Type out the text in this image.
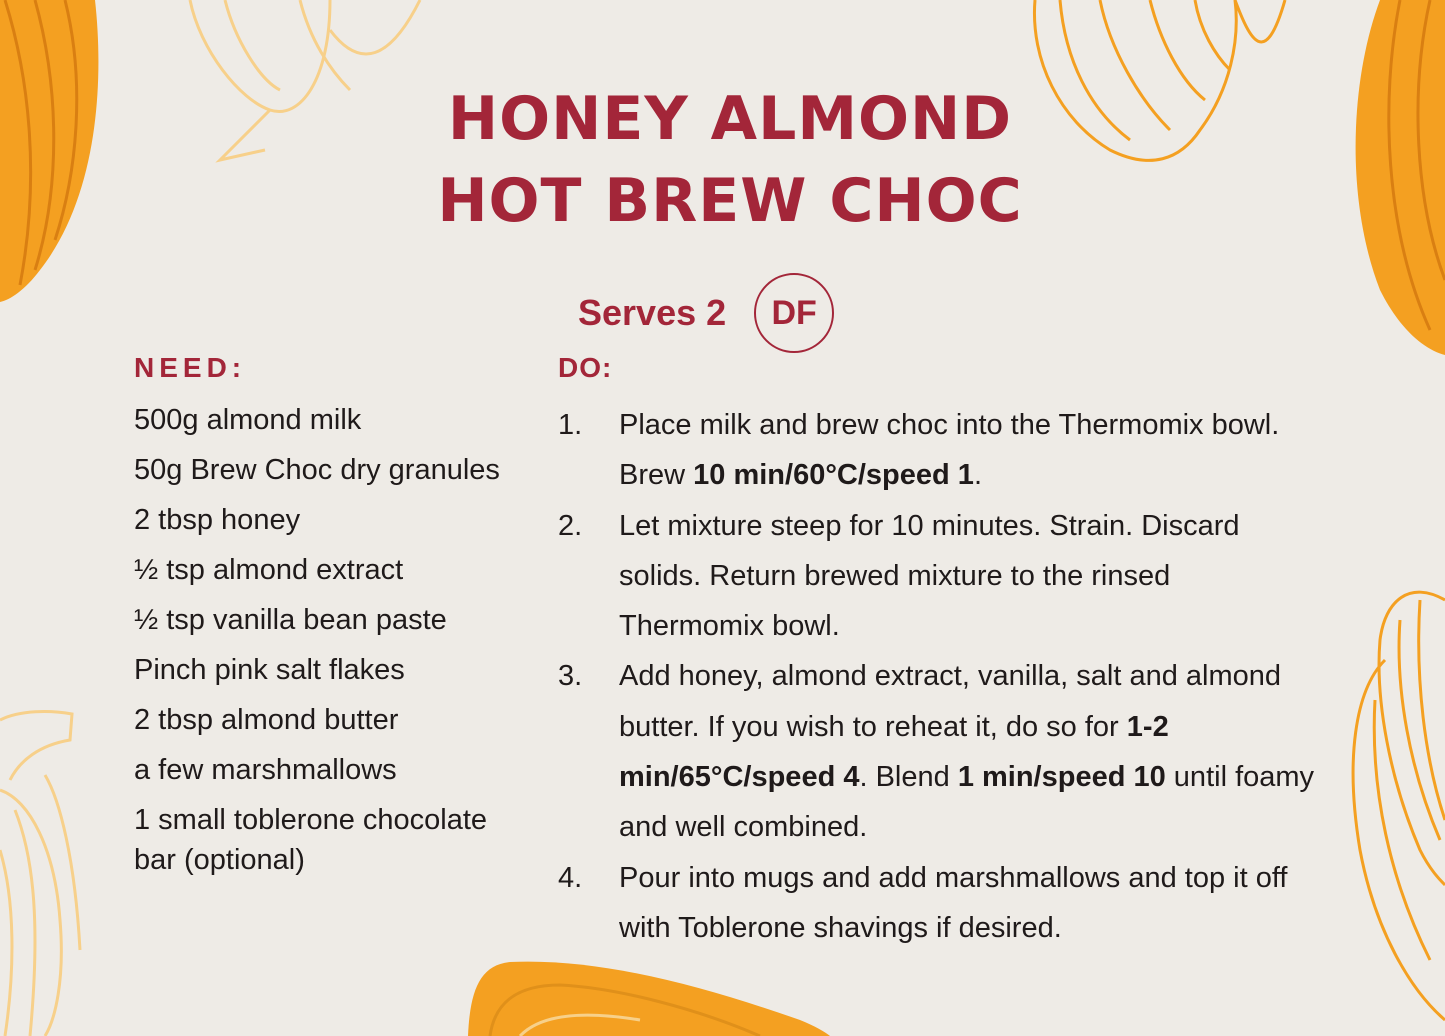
HONEY ALMOND
HOT BREW CHOC
Serves 2	DF
NEED:
500g almond milk
50g Brew Choc dry granules
2 tbsp honey
½ tsp almond extract
½ tsp vanilla bean paste
Pinch pink salt flakes
2 tbsp almond butter
a few marshmallows
1 small toblerone chocolate bar (optional)
DO:
1.	Place milk and brew choc into the Thermomix bowl. Brew 10 min/60°C/speed 1.
2.	Let mixture steep for 10 minutes. Strain. Discard solids. Return brewed mixture to the rinsed Thermomix bowl.
3.	Add honey, almond extract, vanilla, salt and almond butter. If you wish to reheat it, do so for 1-2 min/65°C/speed 4. Blend 1 min/speed 10 until foamy and well combined.
4.	Pour into mugs and add marshmallows and top it off with Toblerone shavings if desired.
